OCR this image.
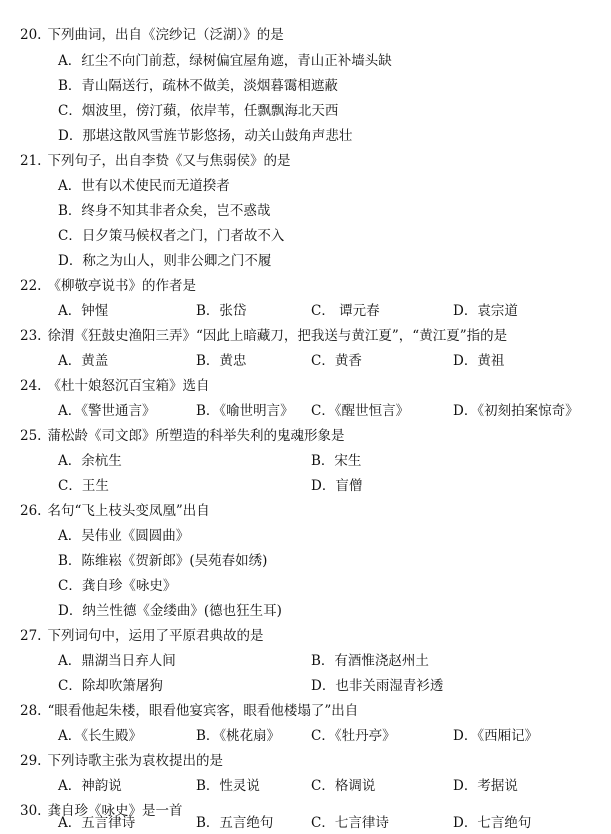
20. 下列曲词，出自《浣纱记（泛湖）》的是
A．红尘不向门前惹，绿树偏宜屋角遮，青山正补墙头缺
B．青山隔送行，疏林不做美，淡烟暮霭相遮蔽
C．烟波里，傍汀蘋，依岸苇，任飘飘海北天西
D．那堪这散风雪旌节影悠扬，动关山鼓角声悲壮
21. 下列句子，出自李贽《又与焦弱侯》的是
A．世有以术使民而无道揆者
B．终身不知其非者众矣，岂不惑哉
C．日夕策马候权者之门，门者故不入
D．称之为山人，则非公卿之门不履
22. 《柳敬亭说书》的作者是
A．钟惺	B．张岱	C． 谭元春	D．袁宗道
23. 徐渭《狂鼓史渔阳三弄》“因此上暗藏刀，把我送与黄江夏”，“黄江夏”指的是
A．黄盖	B．黄忠	C．黄香	D．黄祖
24. 《杜十娘怒沉百宝箱》选自
A．《警世通言》	B．《喻世明言》 C．《醒世恒言》	D．《初刻拍案惊奇》
25. 蒲松龄《司文郎》所塑造的科举失利的鬼魂形象是
A．余杭生	B．宋生
C．王生	D．盲僧
26. 名句“飞上枝头变凤凰”出自
A．吴伟业《圆圆曲》
B．陈维崧《贺新郎》(吴苑春如绣)
C．龚自珍《咏史》
D．纳兰性德《金缕曲》(德也狂生耳)
27. 下列词句中，运用了平原君典故的是
A．鼎湖当日弃人间	B．有酒惟浇赵州土
C．除却吹箫屠狗	D．也非关雨湿青衫透
28. “眼看他起朱楼，眼看他宴宾客，眼看他楼塌了”出自
A．《长生殿》	B．《桃花扇》 C．《牡丹亭》	D．《西厢记》
29. 下列诗歌主张为袁枚提出的是
A．神韵说	B．性灵说	C．格调说	D．考据说
30. 龚自珍《咏史》是一首
A．五言律诗	B．五言绝句	C．七言律诗	D．七言绝句
